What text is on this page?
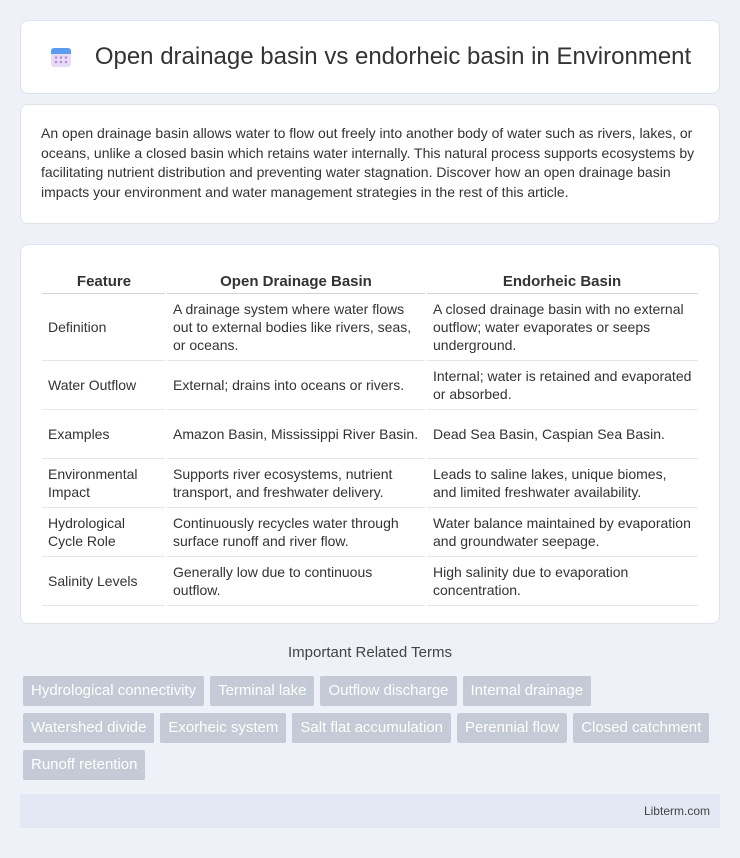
Open drainage basin vs endorheic basin in Environment

An open drainage basin allows water to flow out freely into another body of water such as rivers, lakes, or oceans, unlike a closed basin which retains water internally. This natural process supports ecosystems by facilitating nutrient distribution and preventing water stagnation. Discover how an open drainage basin impacts your environment and water management strategies in the rest of this article.

Feature	Open Drainage Basin	Endorheic Basin
Definition	A drainage system where water flows out to external bodies like rivers, seas, or oceans.	A closed drainage basin with no external outflow; water evaporates or seeps underground.
Water Outflow	External; drains into oceans or rivers.	Internal; water is retained and evaporated or absorbed.
Examples	Amazon Basin, Mississippi River Basin.	Dead Sea Basin, Caspian Sea Basin.
Environmental Impact	Supports river ecosystems, nutrient transport, and freshwater delivery.	Leads to saline lakes, unique biomes, and limited freshwater availability.
Hydrological Cycle Role	Continuously recycles water through surface runoff and river flow.	Water balance maintained by evaporation and groundwater seepage.
Salinity Levels	Generally low due to continuous outflow.	High salinity due to evaporation concentration.
Important Related Terms
Hydrological connectivity	Terminal lake	Outflow discharge	Internal drainage
Watershed divide	Exorheic system	Salt flat accumulation	Perennial flow	Closed catchment
Runoff retention
Libterm.com
